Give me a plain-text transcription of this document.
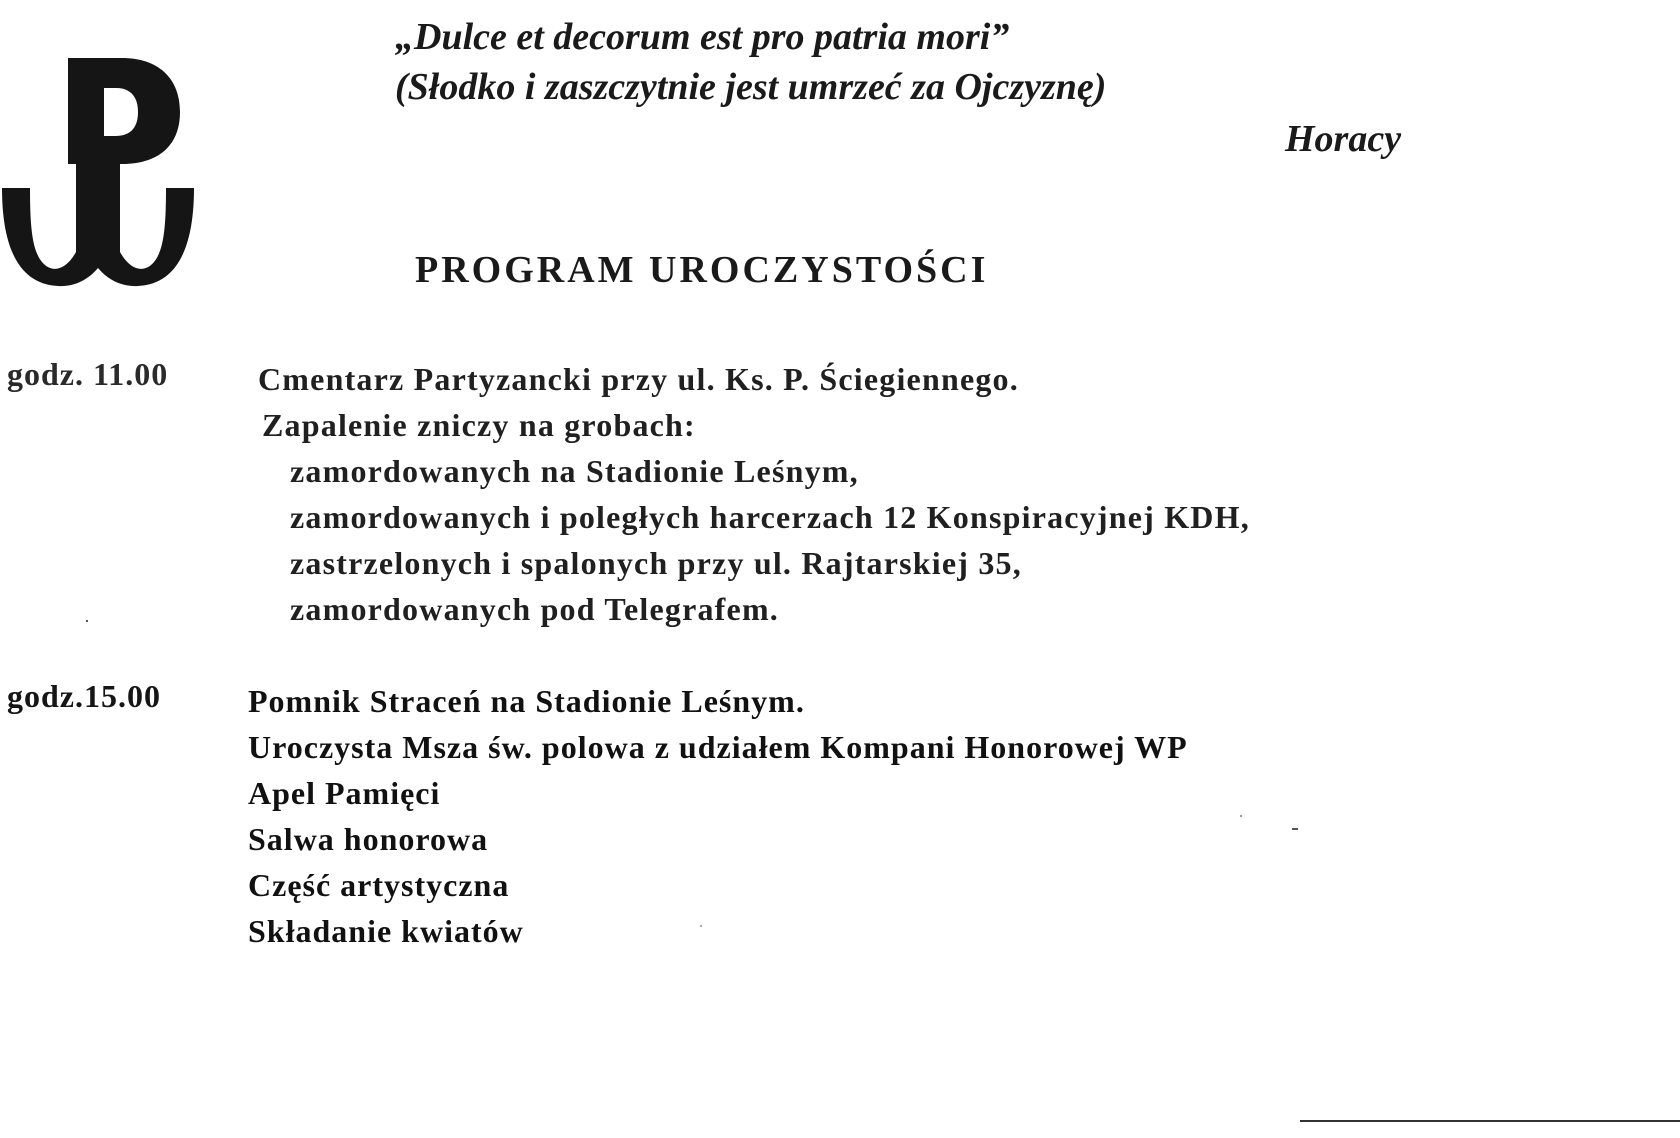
„Dulce et decorum est pro patria mori”
(Słodko i zaszczytnie jest umrzeć za Ojczyznę)
Horacy
PROGRAM UROCZYSTOŚCI
godz. 11.00	Cmentarz Partyzancki przy ul. Ks. P. Ściegiennego.
Zapalenie zniczy na grobach:
zamordowanych na Stadionie Leśnym,
zamordowanych i poległych harcerzach 12 Konspiracyjnej KDH,
zastrzelonych i spalonych przy ul. Rajtarskiej 35,
zamordowanych pod Telegrafem.
godz.15.00	Pomnik Straceń na Stadionie Leśnym.
Uroczysta Msza św. polowa z udziałem Kompani Honorowej WP
Apel Pamięci
Salwa honorowa
Część artystyczna
Składanie kwiatów
